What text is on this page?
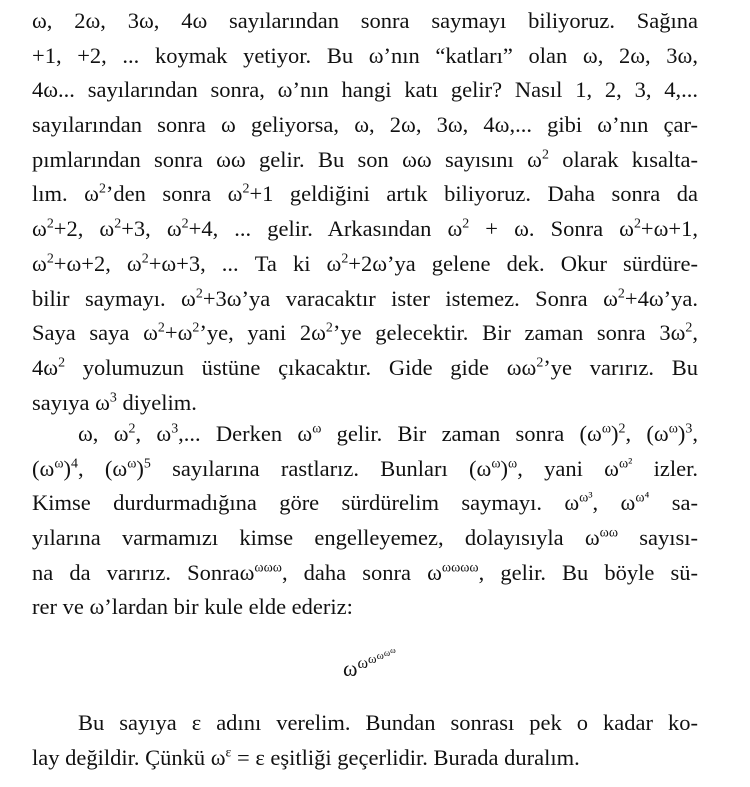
ω, 2ω, 3ω, 4ω sayılarından sonra saymayı biliyoruz. Sağına
+1, +2, ... koymak yetiyor. Bu ω’nın “katları” olan ω, 2ω, 3ω,
4ω... sayılarından sonra, ω’nın hangi katı gelir? Nasıl 1, 2, 3, 4,...
sayılarından sonra ω geliyorsa, ω, 2ω, 3ω, 4ω,... gibi ω’nın çar-
pımlarından sonra ωω gelir. Bu son ωω sayısını $\omega^2$ olarak kısalta-
lım. $\omega^2’den$ sonra $\omega^2+1$ geldiğini artık biliyoruz. Daha sonra da
$\omega^2+2$, $\omega^2+3$, $\omega^2+4$, ... gelir. Arkasından $\omega^2 + \omega$. Sonra $\omega^2+\omega+1$,
$\omega^2+\omega+2$, $\omega^2+\omega+3$, ... Ta ki $\omega^2+2\omega’ya$ gelene dek. Okur sürdüre-
bilir saymayı. $\omega^2+3\omega’ya$ varacaktır ister istemez. Sonra $\omega^2+4\omega’ya$.
Saya saya $\omega^2+\omega^2’ye$, yani $2\omega^2’ye$ gelecektir. Bir zaman sonra $3\omega^2$,
$4\omega^2$ yolumuzun üstüne çıkacaktır. Gide gide $\omega\omega^2’ye$ varırız. Bu
sayıya $\omega^3$ diyelim.
ω, $\omega^2$, $\omega^3$,... Derken $\omega^\omega$ gelir. Bir zaman sonra $(\omega^\omega)^2$, $(\omega^\omega)^3$,
$(\omega^\omega)^4$, $(\omega^\omega)^5$ sayılarına rastlarız. Bunları $(\omega^\omega)^\omega$, yani $\omega^{\omega^2}$ izler.
Kimse durdurmadığına göre sürdürelim saymayı. $\omega^{\omega^3}$, $\omega^{\omega^4}$ sa-
yılarına varmamızı kimse engelleyemez, dolayısıyla $\omega^{\omega\omega}$ sayısı-
na da varırız. Sonraω$^{\omega\omega\omega}$, daha sonra $\omega^{\omega\omega\omega\omega}$, gelir. Bu böyle sü-
rer ve ω’lardan bir kule elde ederiz:
$\omega^{\omega\omega\omega\omega\omega}$
Bu sayıya ε adını verelim. Bundan sonrası pek o kadar ko-
lay değildir. Çünkü $\omega^\varepsilon = \varepsilon$ eşitliği geçerlidir. Burada duralım.
